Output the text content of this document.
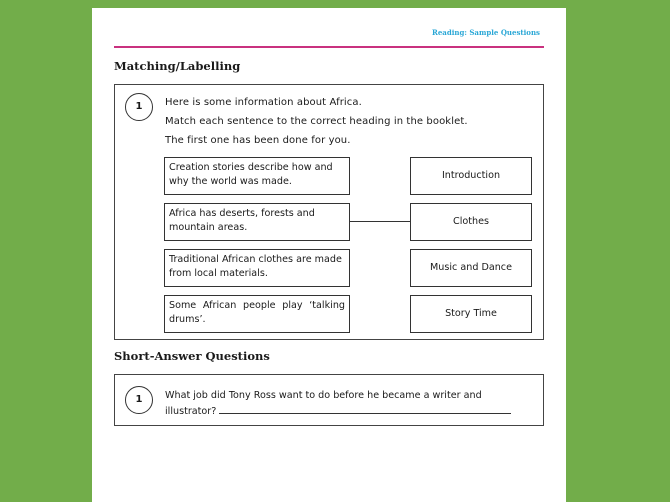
Reading: Sample Questions
Matching/Labelling
1	Here is some information about Africa.
Match each sentence to the correct heading in the booklet.
The first one has been done for you.
Creation stories describe how and why the world was made.
Africa has deserts, forests and mountain areas.
Traditional African clothes are made from local materials.
Some African people play ‘talking drums’.
Introduction
Clothes
Music and Dance
Story Time
Short-Answer Questions
1	What job did Tony Ross want to do before he became a writer and
illustrator?
